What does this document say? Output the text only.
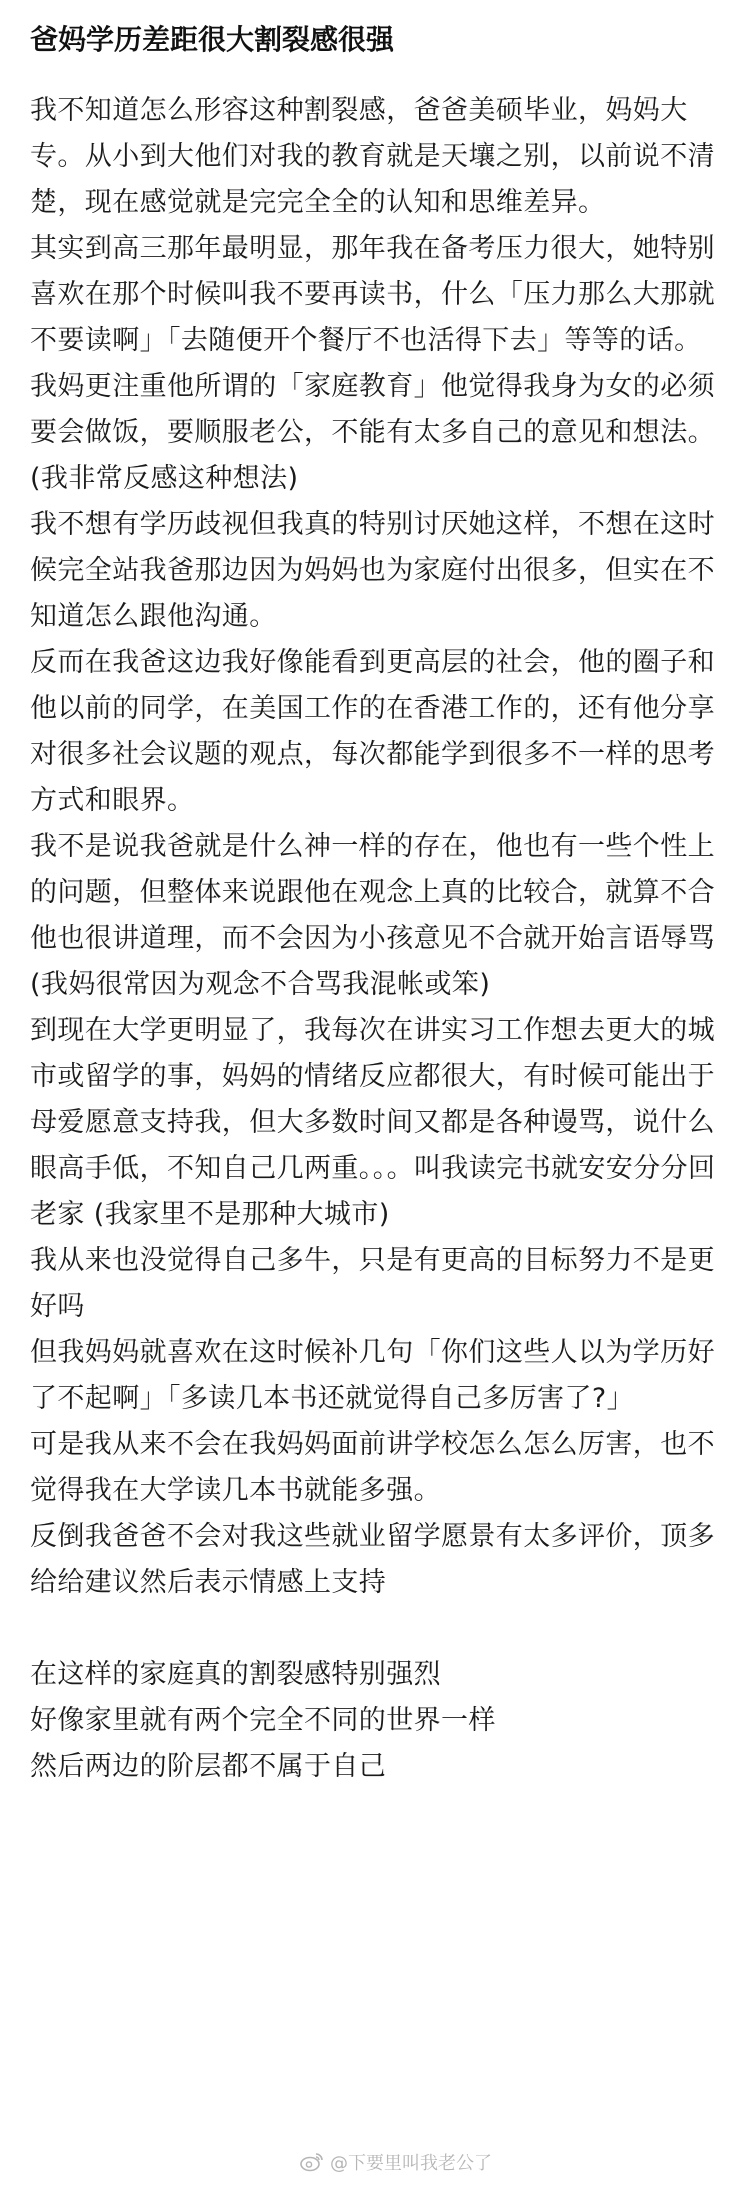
爸妈学历差距很大割裂感很强

我不知道怎么形容这种割裂感，爸爸美硕毕业，妈妈大专。从小到大他们对我的教育就是天壤之别，以前说不清楚，现在感觉就是完完全全的认知和思维差异。

其实到高三那年最明显，那年我在备考压力很大，她特别喜欢在那个时候叫我不要再读书，什么「压力那么大那就不要读啊」「去随便开个餐厅不也活得下去」等等的话。我妈更注重他所谓的「家庭教育」他觉得我身为女的必须要会做饭，要顺服老公，不能有太多自己的意见和想法。(我非常反感这种想法)

我不想有学历歧视但我真的特别讨厌她这样，不想在这时候完全站我爸那边因为妈妈也为家庭付出很多，但实在不知道怎么跟他沟通。

反而在我爸这边我好像能看到更高层的社会，他的圈子和他以前的同学，在美国工作的在香港工作的，还有他分享对很多社会议题的观点，每次都能学到很多不一样的思考方式和眼界。

我不是说我爸就是什么神一样的存在，他也有一些个性上的问题，但整体来说跟他在观念上真的比较合，就算不合他也很讲道理，而不会因为小孩意见不合就开始言语辱骂 (我妈很常因为观念不合骂我混帐或笨)

到现在大学更明显了，我每次在讲实习工作想去更大的城市或留学的事，妈妈的情绪反应都很大，有时候可能出于母爱愿意支持我，但大多数时间又都是各种谩骂，说什么眼高手低，不知自己几两重。。。叫我读完书就安安分分回老家 (我家里不是那种大城市)

我从来也没觉得自己多牛，只是有更高的目标努力不是更好吗

但我妈妈就喜欢在这时候补几句「你们这些人以为学历好了不起啊」「多读几本书还就觉得自己多厉害了?」

可是我从来不会在我妈妈面前讲学校怎么怎么厉害，也不觉得我在大学读几本书就能多强。

反倒我爸爸不会对我这些就业留学愿景有太多评价，顶多给给建议然后表示情感上支持

在这样的家庭真的割裂感特别强烈

好像家里就有两个完全不同的世界一样

然后两边的阶层都不属于自己

@下要里叫我老公了
